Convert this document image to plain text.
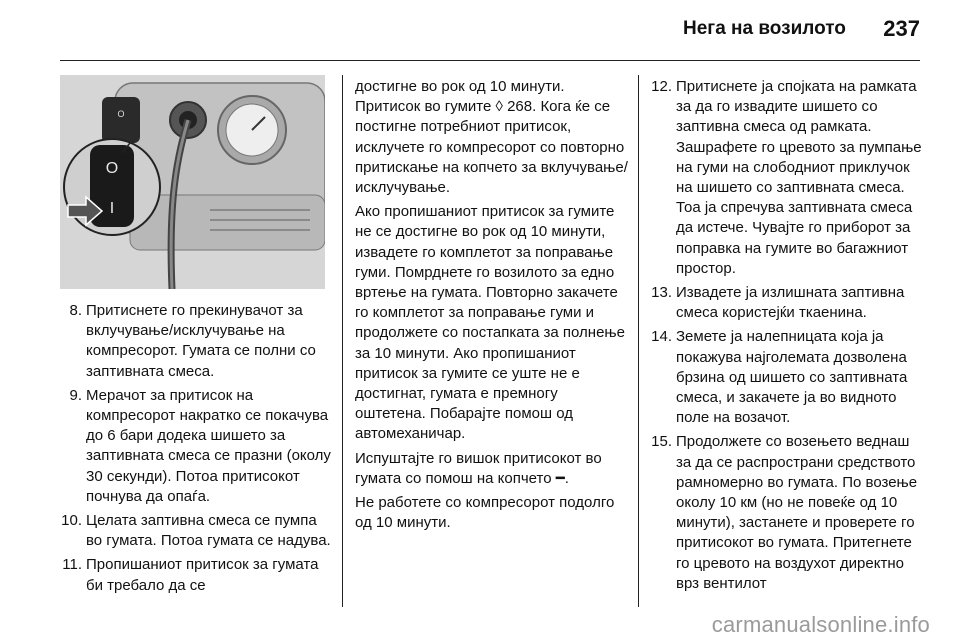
Нега на возилото 237
O
O
I
8. Притиснете го прекинувачот за вклучување/исклучување на компресорот. Гумата се полни со заптивната смеса.
9. Мерачот за притисок на компресорот накратко се покачува до 6 бари додека шишето за заптивната смеса се празни (околу 30 секунди). Потоа притисокот почнува да опаѓа.
10. Целата заптивна смеса се пумпа во гумата. Потоа гумата се надува.
11. Пропишаниот притисок за гумата би требало да се

достигне во рок од 10 минути. Притисок во гумите ◊ 268. Кога ќе се постигне потребниот притисок, исклучете го компресорот со повторно притискање на копчето за вклучување/исклучување.

Ако пропишаниот притисок за гумите не се достигне во рок од 10 минути, извадете го комплетот за поправање гуми. Помрднете го возилото за едно вртење на гумата. Повторно закачете го комплетот за поправање гуми и продолжете со постапката за полнење за 10 минути. Ако пропишаниот притисок за гумите се уште не е достигнат, гумата е премногу оштетена. Побарајте помош од автомеханичар.

Испуштајте го вишок притисокот во гумата со помош на копчето ━.

Не работете со компресорот подолго од 10 минути.

12. Притиснете ја спојката на рамката за да го извадите шишето со заптивна смеса од рамката. Зашрафете го цревото за пумпање на гуми на слободниот приклучок на шишето со заптивната смеса. Тоа ја спречува заптивната смеса да истече. Чувајте го приборот за поправка на гумите во багажниот простор.
13. Извадете ја излишната заптивна смеса користејќи ткаенина.
14. Земете ја налепницата која ја покажува најголемата дозволена брзина од шишето со заптивната смеса, и закачете ја во видното поле на возачот.
15. Продолжете со возењето веднаш за да се распространи средството рамномерно во гумата. По возење околу 10 км (но не повеќе од 10 минути), застанете и проверете го притисокот во гумата. Притегнете го цревото на воздухот директно врз вентилот
carmanualsonline.info
